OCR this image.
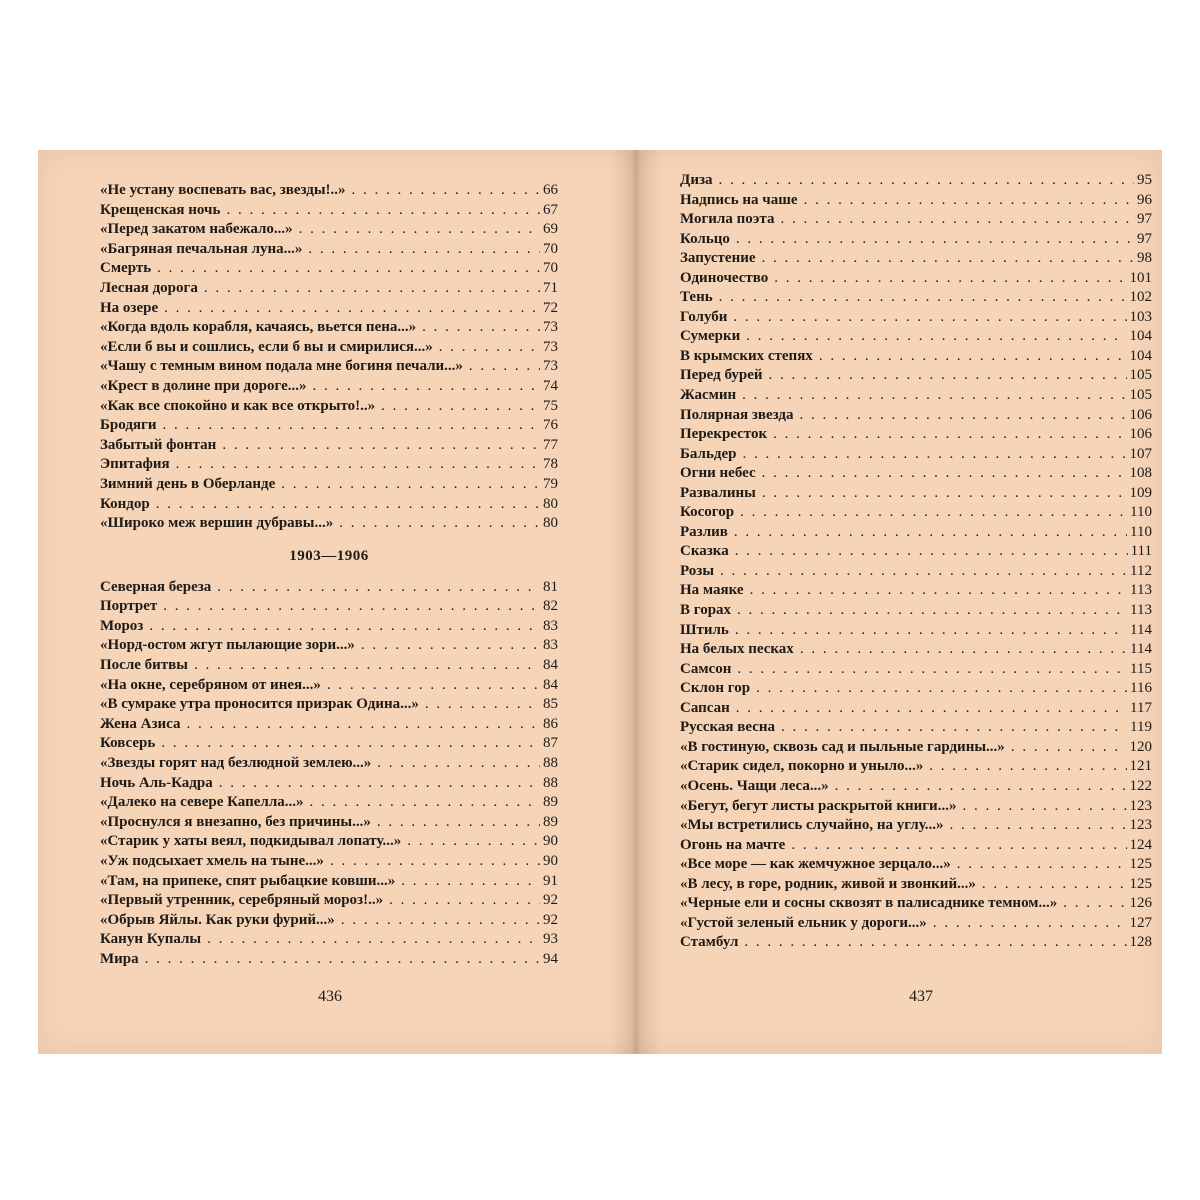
«Не устану воспевать вас, звезды!..» . . .	66
Крещенская ночь . . .	67
«Перед закатом набежало...» . . .	69
«Багряная печальная луна...» . . .	70
Смерть . . .	70
Лесная дорога . . .	71
На озере . . .	72
«Когда вдоль корабля, качаясь, вьется пена...» . . .	73
«Если б вы и сошлись, если б вы и смирилися...» . . .	73
«Чашу с темным вином подала мне богиня печали...» . . .	73
«Крест в долине при дороге...» . . .	74
«Как все спокойно и как все открыто!..» . . .	75
Бродяги . . .	76
Забытый фонтан . . .	77
Эпитафия . . .	78
Зимний день в Оберланде . . .	79
Кондор . . .	80
«Широко меж вершин дубравы...» . . .	80
1903—1906
Северная береза . . .	81
Портрет . . .	82
Мороз . . .	83
«Норд-остом жгут пылающие зори...» . . .	83
После битвы . . .	84
«На окне, серебряном от инея...» . . .	84
«В сумраке утра проносится призрак Одина...» . . .	85
Жена Азиса . . .	86
Ковсерь . . .	87
«Звезды горят над безлюдной землею...» . . .	88
Ночь Аль-Кадра . . .	88
«Далеко на севере Капелла...» . . .	89
«Проснулся я внезапно, без причины...» . . .	89
«Старик у хаты веял, подкидывал лопату...» . . .	90
«Уж подсыхает хмель на тыне...» . . .	90
«Там, на припеке, спят рыбацкие ковши...» . . .	91
«Первый утренник, серебряный мороз!..» . . .	92
«Обрыв Яйлы. Как руки фурий...» . . .	92
Канун Купалы . . .	93
Мира . . .	94
436
Диза . . .	95
Надпись на чаше . . .	96
Могила поэта . . .	97
Кольцо . . .	97
Запустение . . .	98
Одиночество . . .	101
Тень . . .	102
Голуби . . .	103
Сумерки . . .	104
В крымских степях . . .	104
Перед бурей . . .	105
Жасмин . . .	105
Полярная звезда . . .	106
Перекресток . . .	106
Бальдер . . .	107
Огни небес . . .	108
Развалины . . .	109
Косогор . . .	110
Разлив . . .	110
Сказка . . .	111
Розы . . .	112
На маяке . . .	113
В горах . . .	113
Штиль . . .	114
На белых песках . . .	114
Самсон . . .	115
Склон гор . . .	116
Сапсан . . .	117
Русская весна . . .	119
«В гостиную, сквозь сад и пыльные гардины...» . . .	120
«Старик сидел, покорно и уныло...» . . .	121
«Осень. Чащи леса...» . . .	122
«Бегут, бегут листы раскрытой книги...» . . .	123
«Мы встретились случайно, на углу...» . . .	123
Огонь на мачте . . .	124
«Все море — как жемчужное зерцало...» . . .	125
«В лесу, в горе, родник, живой и звонкий...» . . .	125
«Черные ели и сосны сквозят в палисаднике темном...» . . .	126
«Густой зеленый ельник у дороги...» . . .	127
Стамбул . . .	128
437
